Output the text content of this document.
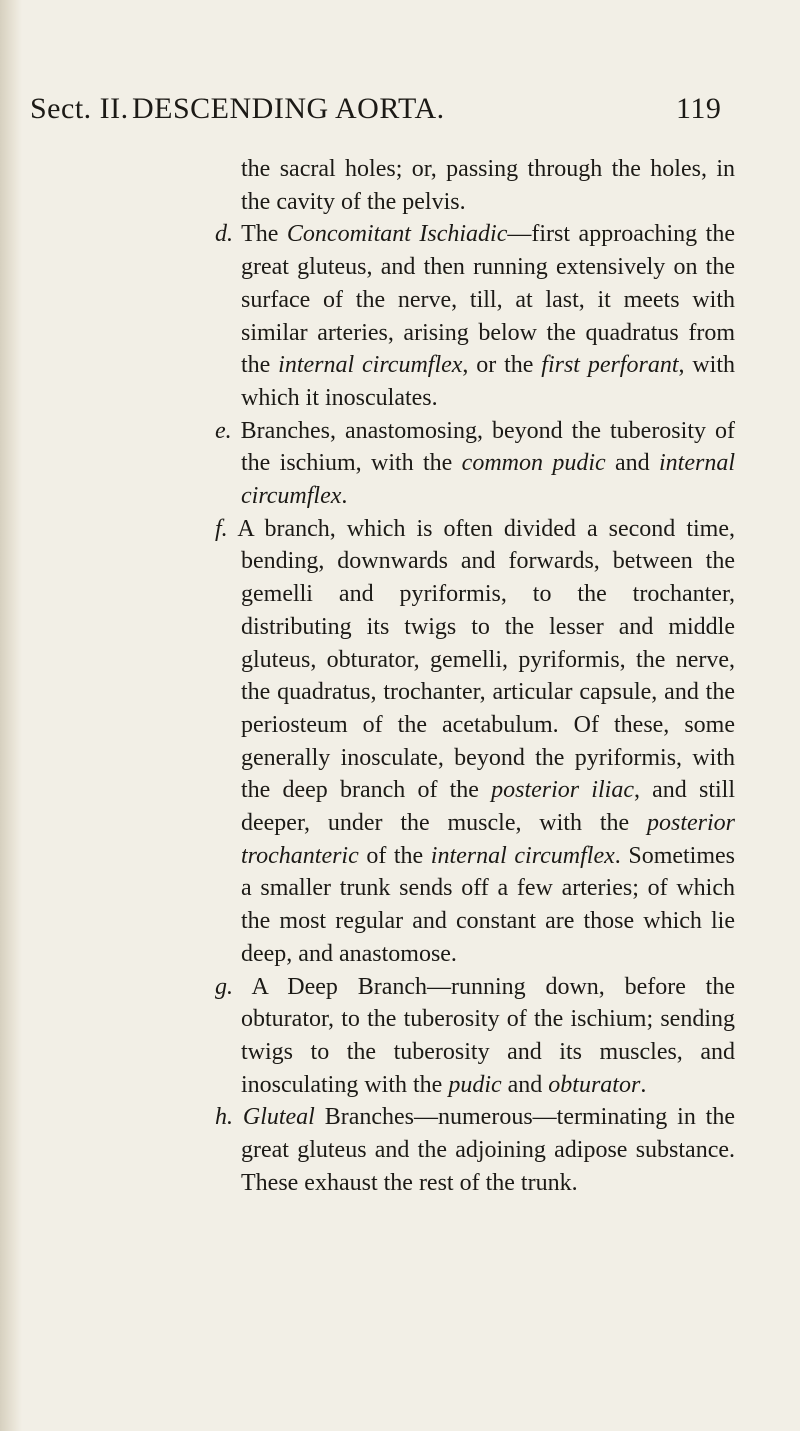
Sect. II. DESCENDING AORTA.	119

the sacral holes; or, passing through the holes, in the cavity of the pelvis.

d. The Concomitant Ischiadic—first approaching the great gluteus, and then running extensively on the surface of the nerve, till, at last, it meets with similar arteries, arising below the quadratus from the internal circumflex, or the first perforant, with which it inosculates.

e. Branches, anastomosing, beyond the tuberosity of the ischium, with the common pudic and internal circumflex.

f. A branch, which is often divided a second time, bending, downwards and forwards, between the gemelli and pyriformis, to the trochanter, distributing its twigs to the lesser and middle gluteus, obturator, gemelli, pyriformis, the nerve, the quadratus, trochanter, articular capsule, and the periosteum of the acetabulum. Of these, some generally inosculate, beyond the pyriformis, with the deep branch of the posterior iliac, and still deeper, under the muscle, with the posterior trochanteric of the internal circumflex. Sometimes a smaller trunk sends off a few arteries; of which the most regular and constant are those which lie deep, and anastomose.

g. A Deep Branch—running down, before the obturator, to the tuberosity of the ischium; sending twigs to the tuberosity and its muscles, and inosculating with the pudic and obturator.

h. Gluteal Branches—numerous—terminating in the great gluteus and the adjoining adipose substance. These exhaust the rest of the trunk.
